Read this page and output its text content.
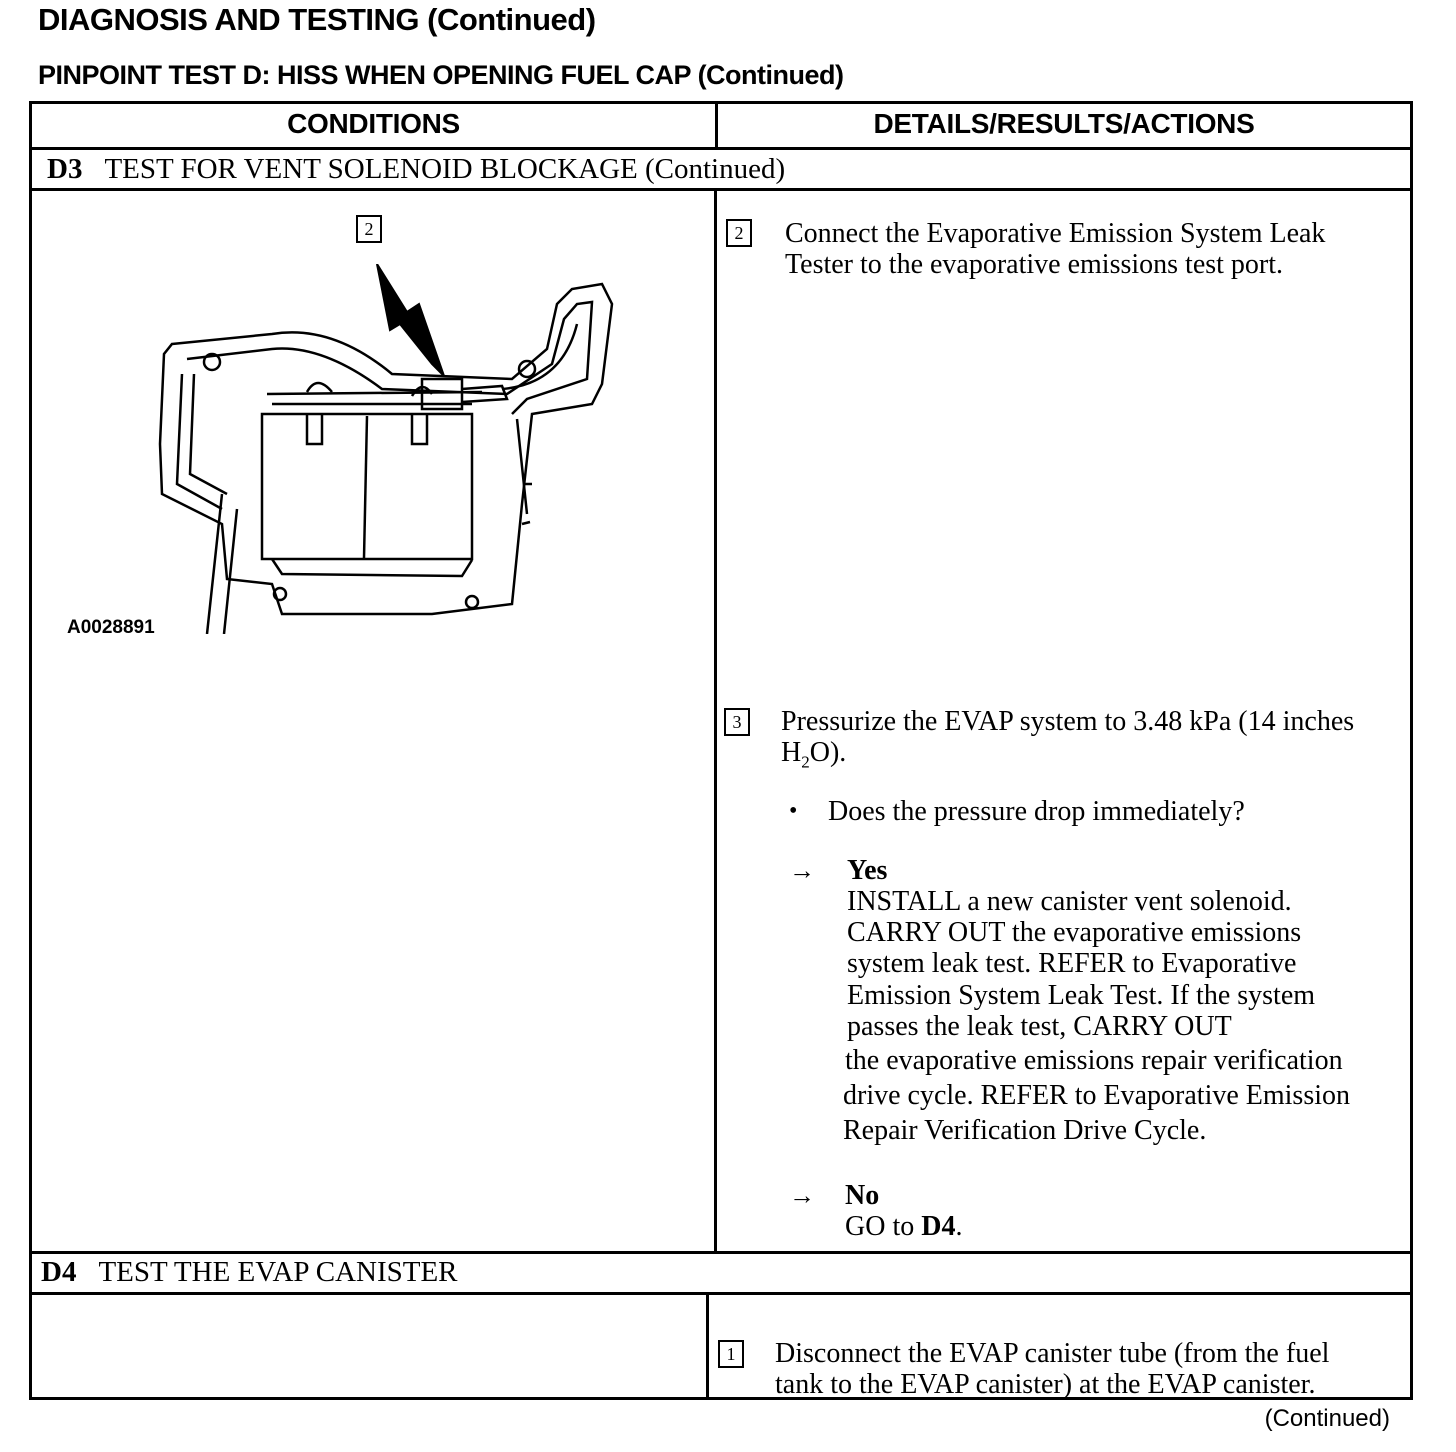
DIAGNOSIS AND TESTING (Continued)
PINPOINT TEST D: HISS WHEN OPENING FUEL CAP (Continued)
CONDITIONS	DETAILS/RESULTS/ACTIONS
D3 TEST FOR VENT SOLENOID BLOCKAGE (Continued)
2
A0028891
2	Connect the Evaporative Emission System Leak
Tester to the evaporative emissions test port.
3	Pressurize the EVAP system to 3.48 kPa (14 inches
$H_2O$).
• Does the pressure drop immediately?
→ Yes
INSTALL a new canister vent solenoid.
CARRY OUT the evaporative emissions
system leak test. REFER to Evaporative
Emission System Leak Test. If the system
passes the leak test, CARRY OUT
the evaporative emissions repair verification
drive cycle. REFER to Evaporative Emission
Repair Verification Drive Cycle.
→ No
GO to D4.
D4 TEST THE EVAP CANISTER
1	Disconnect the EVAP canister tube (from the fuel
tank to the EVAP canister) at the EVAP canister.
(Continued)
